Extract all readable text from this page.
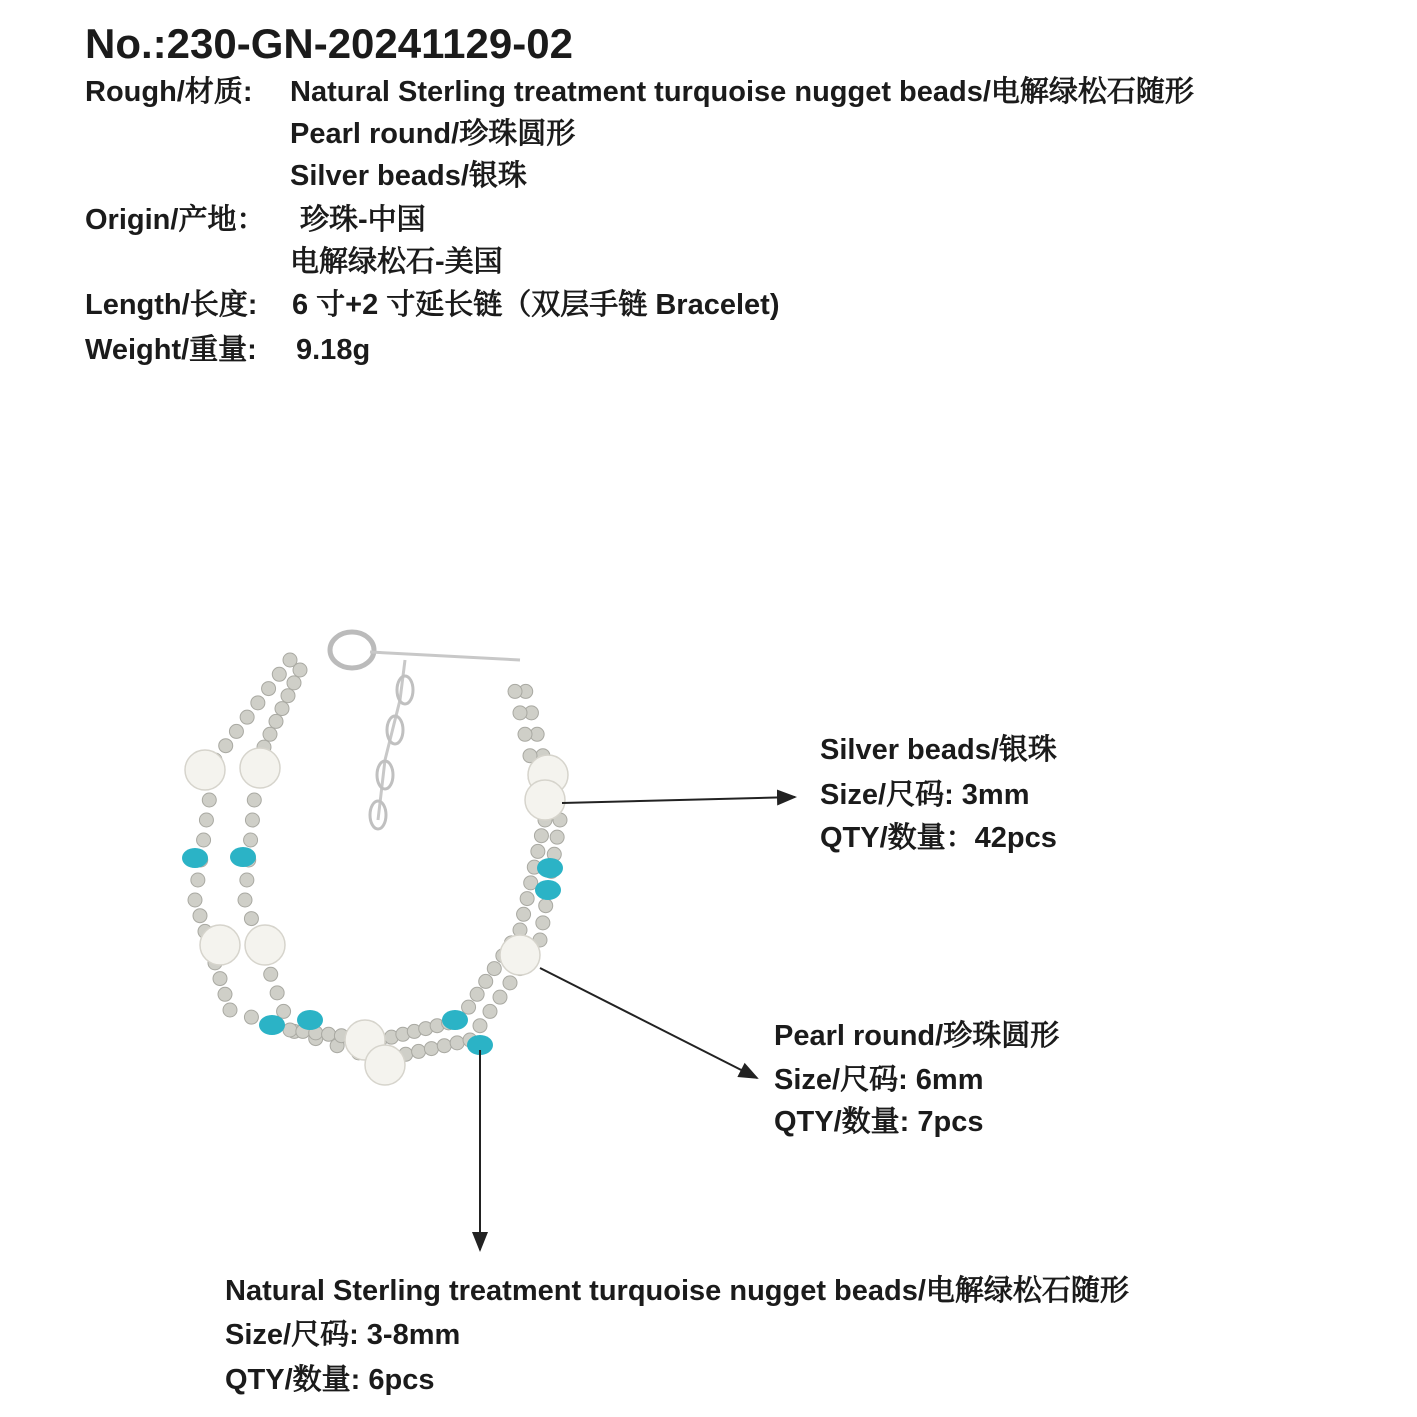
No.:230-GN-20241129-02
Rough/材质: Natural Sterling treatment turquoise nugget beads/电解绿松石随形
Pearl round/珍珠圆形
Silver beads/银珠
Origin/产地： 珍珠-中国
电解绿松石-美国
Length/长度: 6 寸+2 寸延长链（双层手链 Bracelet)
Weight/重量: 9.18g
Silver beads/银珠
Size/尺码: 3mm
QTY/数量：42pcs
Pearl round/珍珠圆形
Size/尺码: 6mm
QTY/数量: 7pcs
Natural Sterling treatment turquoise nugget beads/电解绿松石随形
Size/尺码: 3-8mm
QTY/数量: 6pcs
